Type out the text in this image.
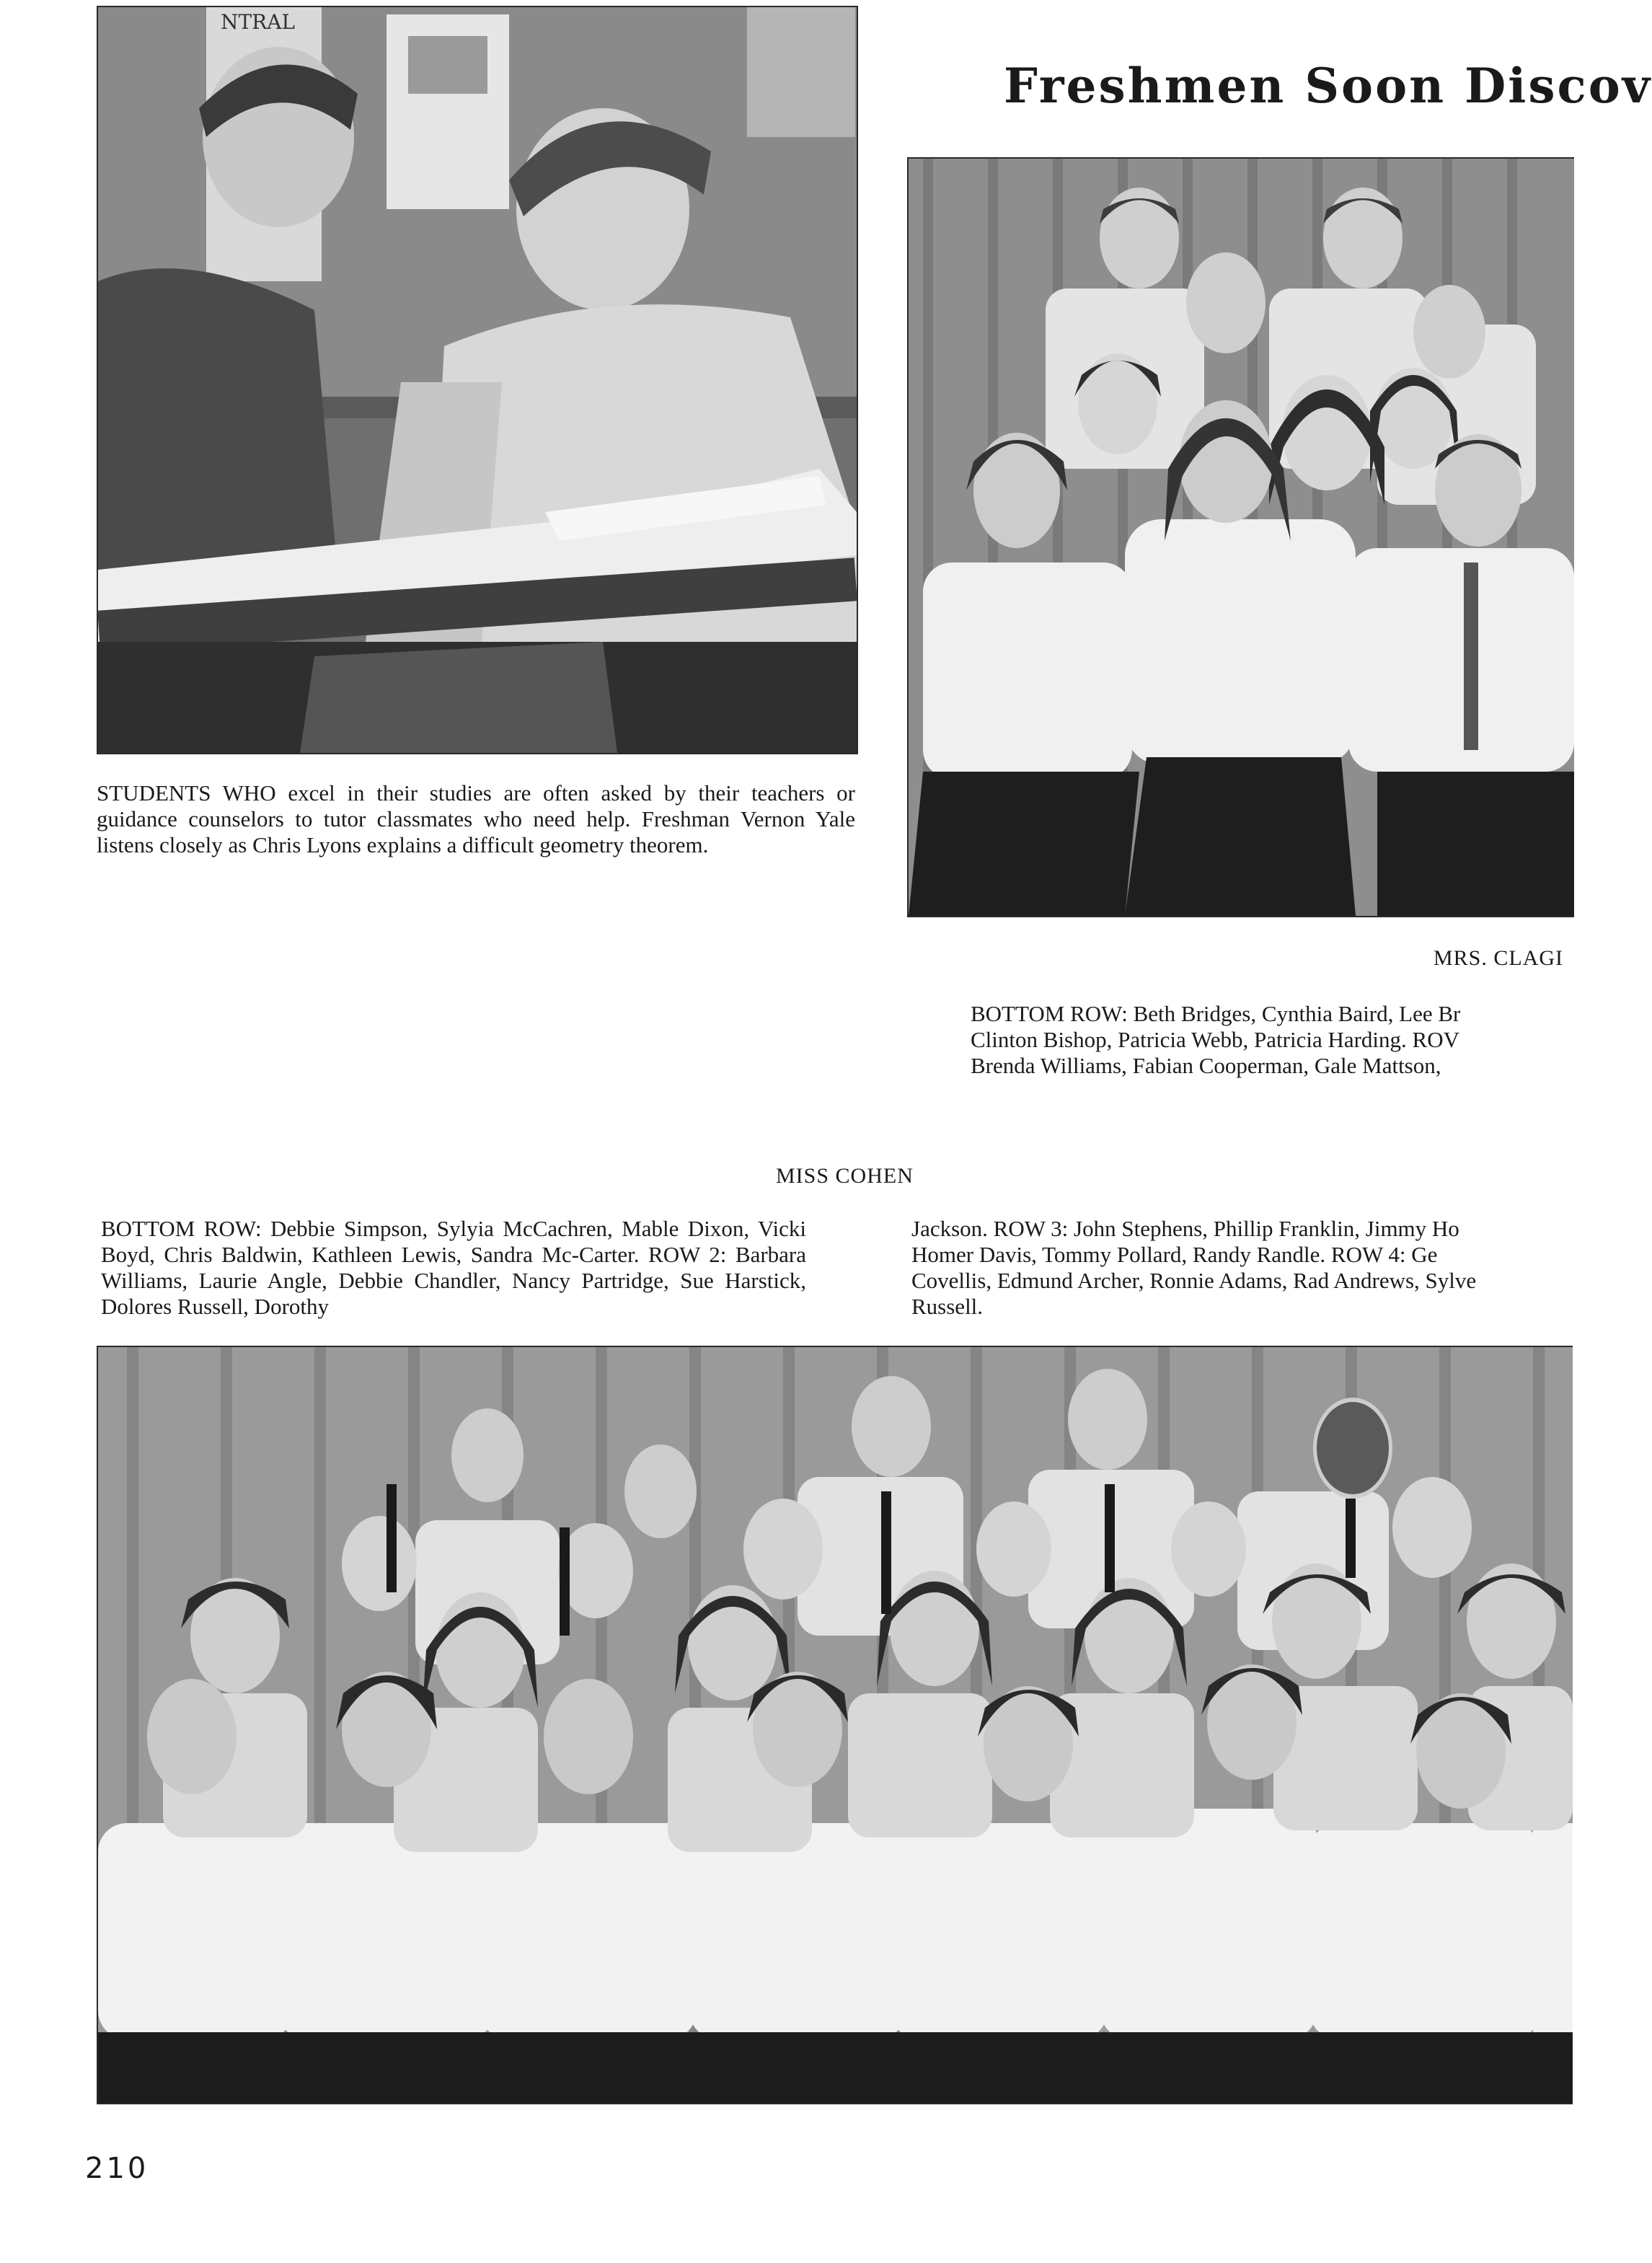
NTRAL
Freshmen Soon Discov

STUDENTS WHO excel in their studies are often asked by their teachers or guidance counselors to tutor classmates who need help. Freshman Vernon Yale listens closely as Chris Lyons explains a difficult geometry theorem.

MRS. CLAGI
BOTTOM ROW: Beth Bridges, Cynthia Baird, Lee Br
Clinton Bishop, Patricia Webb, Patricia Harding. ROV
Brenda Williams, Fabian Cooperman, Gale Mattson,
MISS COHEN

BOTTOM ROW: Debbie Simpson, Sylyia McCachren, Mable Dixon, Vicki Boyd, Chris Baldwin, Kathleen Lewis, Sandra Mc-Carter. ROW 2: Barbara Williams, Laurie Angle, Debbie Chandler, Nancy Partridge, Sue Harstick, Dolores Russell, Dorothy

Jackson. ROW 3: John Stephens, Phillip Franklin, Jimmy Ho
Homer Davis, Tommy Pollard, Randy Randle. ROW 4: Ge
Covellis, Edmund Archer, Ronnie Adams, Rad Andrews, Sylve
Russell.
210
